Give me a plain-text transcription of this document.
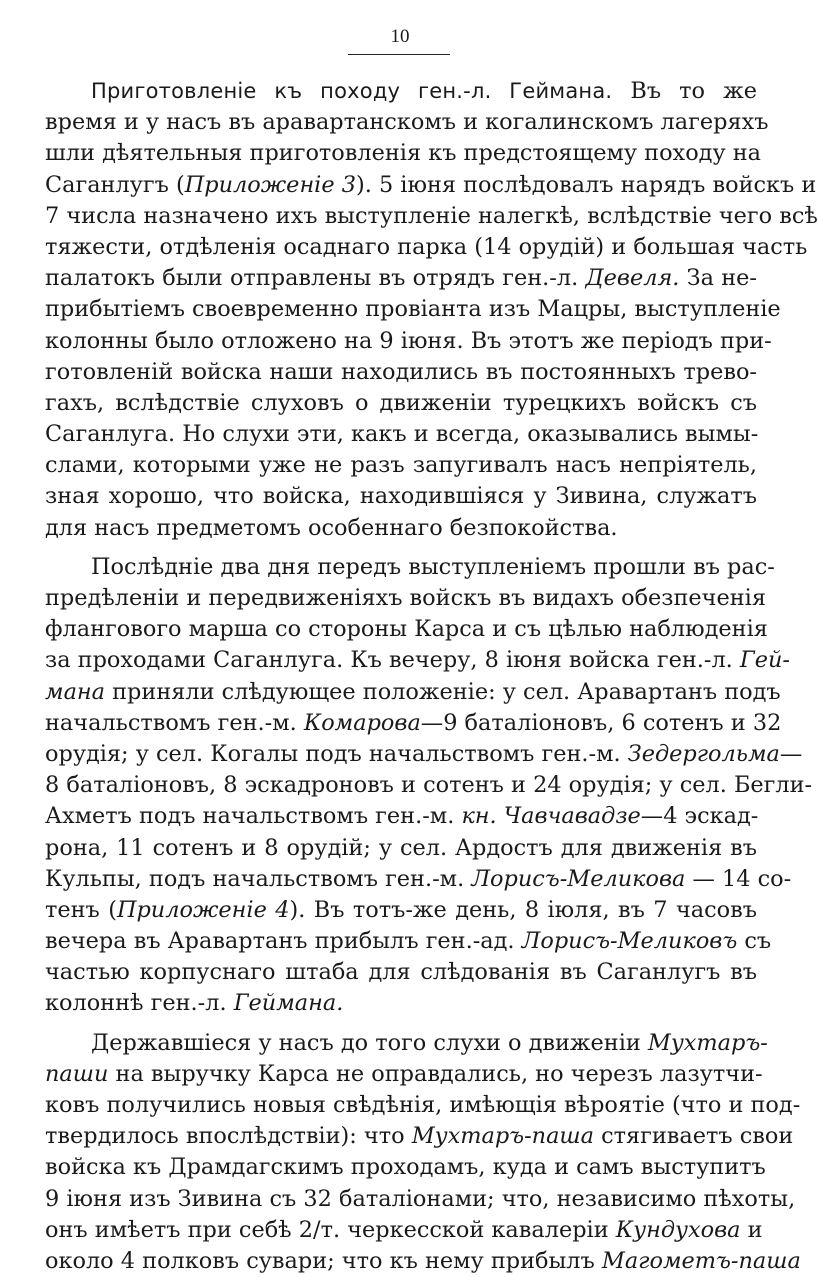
10
Приготовленіе къ походу ген.-л. Геймана. Въ то же
время и у насъ въ аравартанскомъ и когалинскомъ лагеряхъ
шли дѣятельныя приготовленія къ предстоящему походу на
Саганлугъ (Приложеніе 3). 5 іюня послѣдовалъ нарядъ войскъ и
7 числа назначено ихъ выступленіе налегкѣ, вслѣдствіе чего всѣ
тяжести, отдѣленія осаднаго парка (14 орудій) и большая часть
палатокъ были отправлены въ отрядъ ген.-л. Девеля. За не-
прибытіемъ своевременно провіанта изъ Мацры, выступленіе
колонны было отложено на 9 іюня. Въ этотъ же періодъ при-
готовленій войска наши находились въ постоянныхъ трево-
гахъ, вслѣдствіе слуховъ о движеніи турецкихъ войскъ съ
Саганлуга. Но слухи эти, какъ и всегда, оказывались вымы-
слами, которыми уже не разъ запугивалъ насъ непріятель,
зная хорошо, что войска, находившіяся у Зивина, служатъ
для насъ предметомъ особеннаго безпокойства.
Послѣдніе два дня передъ выступленіемъ прошли въ рас-
предѣленіи и передвиженіяхъ войскъ въ видахъ обезпеченія
флангового марша со стороны Карса и съ цѣлью наблюденія
за проходами Саганлуга. Къ вечеру, 8 іюня войска ген.-л. Гей-
мана приняли слѣдующее положеніе: у сел. Аравартанъ подъ
начальствомъ ген.-м. Комарова—9 баталіоновъ, 6 сотенъ и 32
орудія; у сел. Когалы подъ начальствомъ ген.-м. Зедергольма—
8 баталіоновъ, 8 эскадроновъ и сотенъ и 24 орудія; у сел. Бегли-
Ахметъ подъ начальствомъ ген.-м. кн. Чавчавадзе—4 эскад-
рона, 11 сотенъ и 8 орудій; у сел. Ардостъ для движенія въ
Кульпы, подъ начальствомъ ген.-м. Лорисъ-Меликова — 14 со-
тенъ (Приложеніе 4). Въ тотъ-же день, 8 іюля, въ 7 часовъ
вечера въ Аравартанъ прибылъ ген.-ад. Лорисъ-Меликовъ съ
частью корпуснаго штаба для слѣдованія въ Саганлугъ въ
колоннѣ ген.-л. Геймана.
Державшіеся у насъ до того слухи о движеніи Мухтаръ-
паши на выручку Карса не оправдались, но черезъ лазутчи-
ковъ получились новыя свѣдѣнія, имѣющія вѣроятіе (что и под-
твердилось впослѣдствіи): что Мухтаръ-паша стягиваетъ свои
войска къ Драмдагскимъ проходамъ, куда и самъ выступитъ
9 іюня изъ Зивина съ 32 баталіонами; что, независимо пѣхоты,
онъ имѣетъ при себѣ 2/т. черкесской кавалеріи Кундухова и
около 4 полковъ сувари; что къ нему прибылъ Магометъ-паша
